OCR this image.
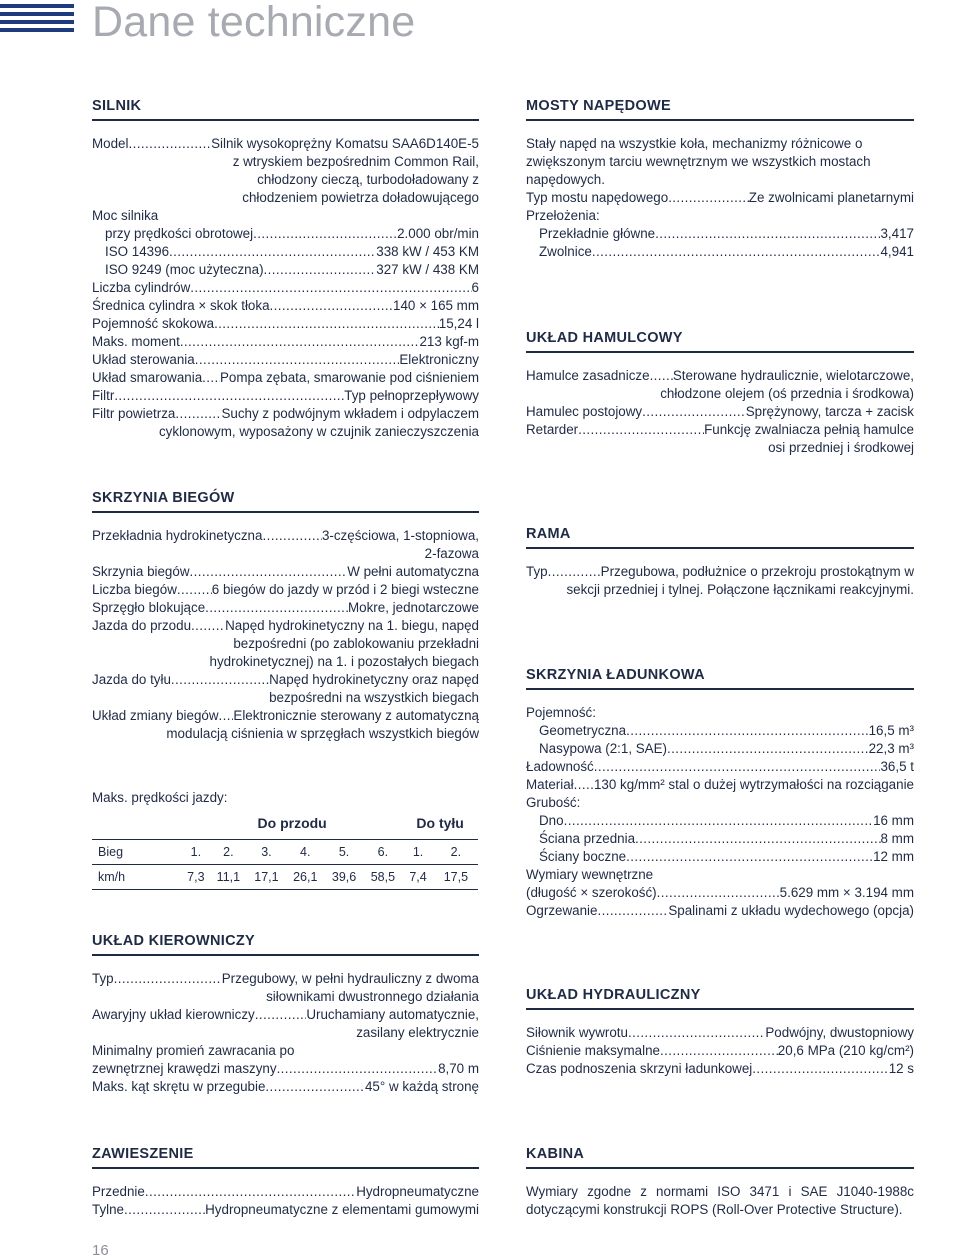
Dane techniczne
SILNIK
Model .....	Silnik wysokoprężny Komatsu SAA6D140E-5
z wtryskiem bezpośrednim Common Rail,
chłodzony cieczą, turbodoładowany z
chłodzeniem powietrza doładowującego
Moc silnika
przy prędkości obrotowej .....	2.000 obr/min
ISO 14396 .....	338 kW / 453 KM
ISO 9249 (moc użyteczna) .....	327 kW / 438 KM
Liczba cylindrów .....	6
Średnica cylindra × skok tłoka .....	140 × 165 mm
Pojemność skokowa .....	15,24 l
Maks. moment .....	213 kgf-m
Układ sterowania .....	Elektroniczny
Układ smarowania ..... Pompa zębata, smarowanie pod ciśnieniem
Filtr .....	Typ pełnoprzepływowy
Filtr powietrza .....	Suchy z podwójnym wkładem i odpylaczem
cyklonowym, wyposażony w czujnik zanieczyszczenia
MOSTY NAPĘDOWE
Stały napęd na wszystkie koła, mechanizmy różnicowe o
zwiększonym tarciu wewnętrznym we wszystkich mostach
napędowych.
Typ mostu napędowego .....	Ze zwolnicami planetarnymi
Przełożenia:
Przekładnie główne .....	3,417
Zwolnice .....	4,941
UKŁAD HAMULCOWY
Hamulce zasadnicze ..... Sterowane hydraulicznie, wielotarczowe,
chłodzone olejem (oś przednia i środkowa)
Hamulec postojowy .....	Sprężynowy, tarcza + zacisk
Retarder .....	Funkcję zwalniacza pełnią hamulce
osi przedniej i środkowej
SKRZYNIA BIEGÓW
Przekładnia hydrokinetyczna .....	3-częściowa, 1-stopniowa,
2-fazowa
Skrzynia biegów .....	W pełni automatyczna
Liczba biegów .....	6 biegów do jazdy w przód i 2 biegi wsteczne
Sprzęgło blokujące .....	Mokre, jednotarczowe
Jazda do przodu .....	Napęd hydrokinetyczny na 1. biegu, napęd
bezpośredni (po zablokowaniu przekładni
hydrokinetycznej) na 1. i pozostałych biegach
Jazda do tyłu .....	Napęd hydrokinetyczny oraz napęd
bezpośredni na wszystkich biegach
Układ zmiany biegów ..... Elektronicznie sterowany z automatyczną
modulacją ciśnienia w sprzęgłach wszystkich biegów
Maks. prędkości jazdy:
	Do przodu						Do tyłu	
Bieg	1.	2.	3.	4.	5.	6.	1.	2.
km/h	7,3	11,1	17,1	26,1	39,6	58,5	7,4	17,5
RAMA
Typ .....	Przegubowa, podłużnice o przekroju prostokątnym w
sekcji przedniej i tylnej. Połączone łącznikami reakcyjnymi.
SKRZYNIA ŁADUNKOWA
Pojemność:
Geometryczna .....	16,5 m³
Nasypowa (2:1, SAE) .....	22,3 m³
Ładowność .....	36,5 t
Materiał ..... 130 kg/mm² stal o dużej wytrzymałości na rozciąganie
Grubość:
Dno .....	16 mm
Ściana przednia .....	8 mm
Ściany boczne .....	12 mm
Wymiary wewnętrzne
(długość × szerokość) .....	5.629 mm × 3.194 mm
Ogrzewanie .....	Spalinami z układu wydechowego (opcja)
UKŁAD KIEROWNICZY
Typ .....	Przegubowy, w pełni hydrauliczny z dwoma
siłownikami dwustronnego działania
Awaryjny układ kierowniczy .....	Uruchamiany automatycznie,
zasilany elektrycznie
Minimalny promień zawracania po
zewnętrznej krawędzi maszyny .....	8,70 m
Maks. kąt skrętu w przegubie .....	45° w każdą stronę
UKŁAD HYDRAULICZNY
Siłownik wywrotu .....	Podwójny, dwustopniowy
Ciśnienie maksymalne .....	20,6 MPa (210 kg/cm²)
Czas podnoszenia skrzyni ładunkowej .....	12 s
ZAWIESZENIE
Przednie .....	Hydropneumatyczne
Tylne .....	Hydropneumatyczne z elementami gumowymi
KABINA
Wymiary zgodne z normami ISO 3471 i SAE J1040-1988c dotyczącymi konstrukcji ROPS (Roll-Over Protective Structure).
16
